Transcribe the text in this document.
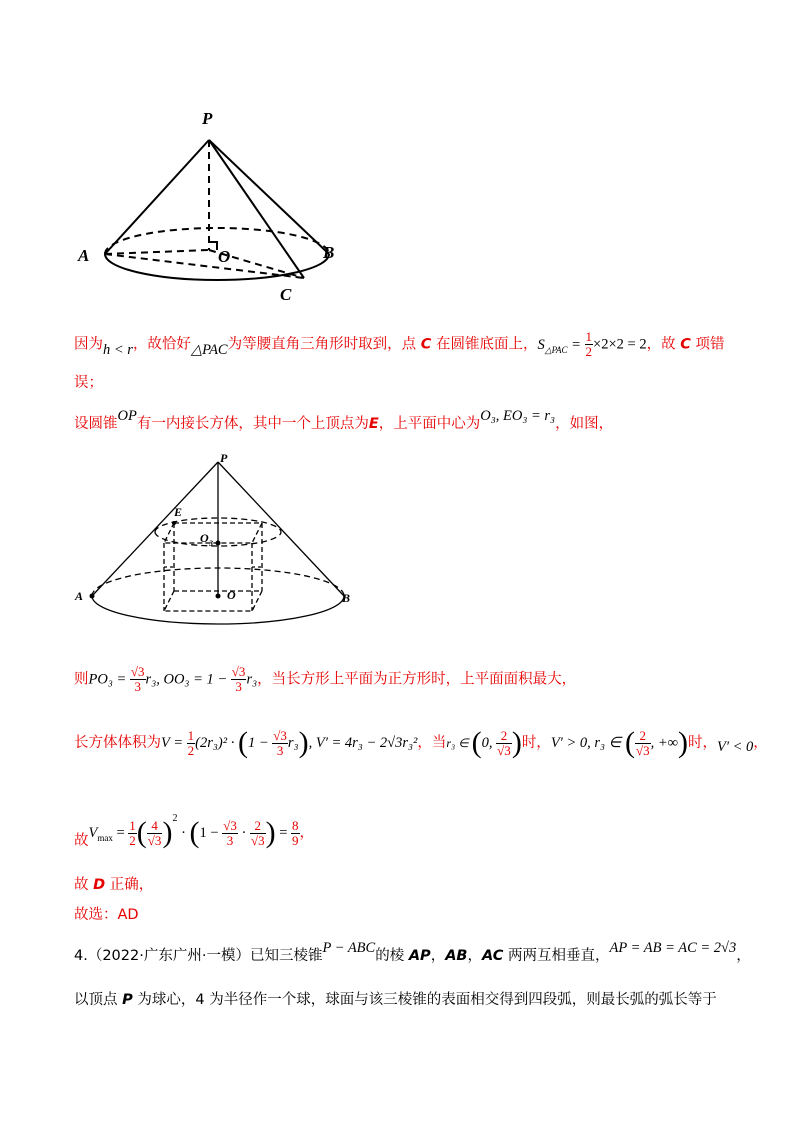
P
A	O	B
C
因为h < r，故恰好△PAC为等腰直角三角形时取到，点 C 在圆锥底面上，$S_{\triangle PAC} = \frac{1}{2} \times 2\times 2 = 2$，故 C 项错
误；
设圆锥OP有一内接长方体，其中一个上顶点为E，上平面中心为O₃, EO₃ = r₃，如图，
P
E
O 3
O
A	B
则$PO_3 = \frac{√3}{3} r_3$, $OO_3 = 1 - \frac{√3}{3} r_3$，当长方形上平面为正方形时，上平面面积最大，
长方体体积为$V = \frac{1}{2} (2r_3)^2 \cdot (1 - \frac{√3}{3} r_3)$, V′ = 4r₃ − 2√3r₃²，当r₃ ∈ (0, $\frac{2}{√3}$ )时，V′ > 0, r₃ ∈ ( $\frac{2}{√3}$ , +∞)时，V′ < 0，
故$V_{max} = \frac{1}{2}$ ( $\frac{4}{√3} )^2 \cdot (1 - \frac{√3}{3} \cdot \frac{2}{√3}$ ) = $\frac{8}{9}$ ，
故 D 正确，
故选：AD
4.（2022·广东广州·一模）已知三棱锥P − ABC的棱 AP，AB，AC 两两互相垂直，AP = AB = AC = 2√3，
以顶点 P 为球心，4 为半径作一个球，球面与该三棱锥的表面相交得到四段弧，则最长弧的弧长等于
